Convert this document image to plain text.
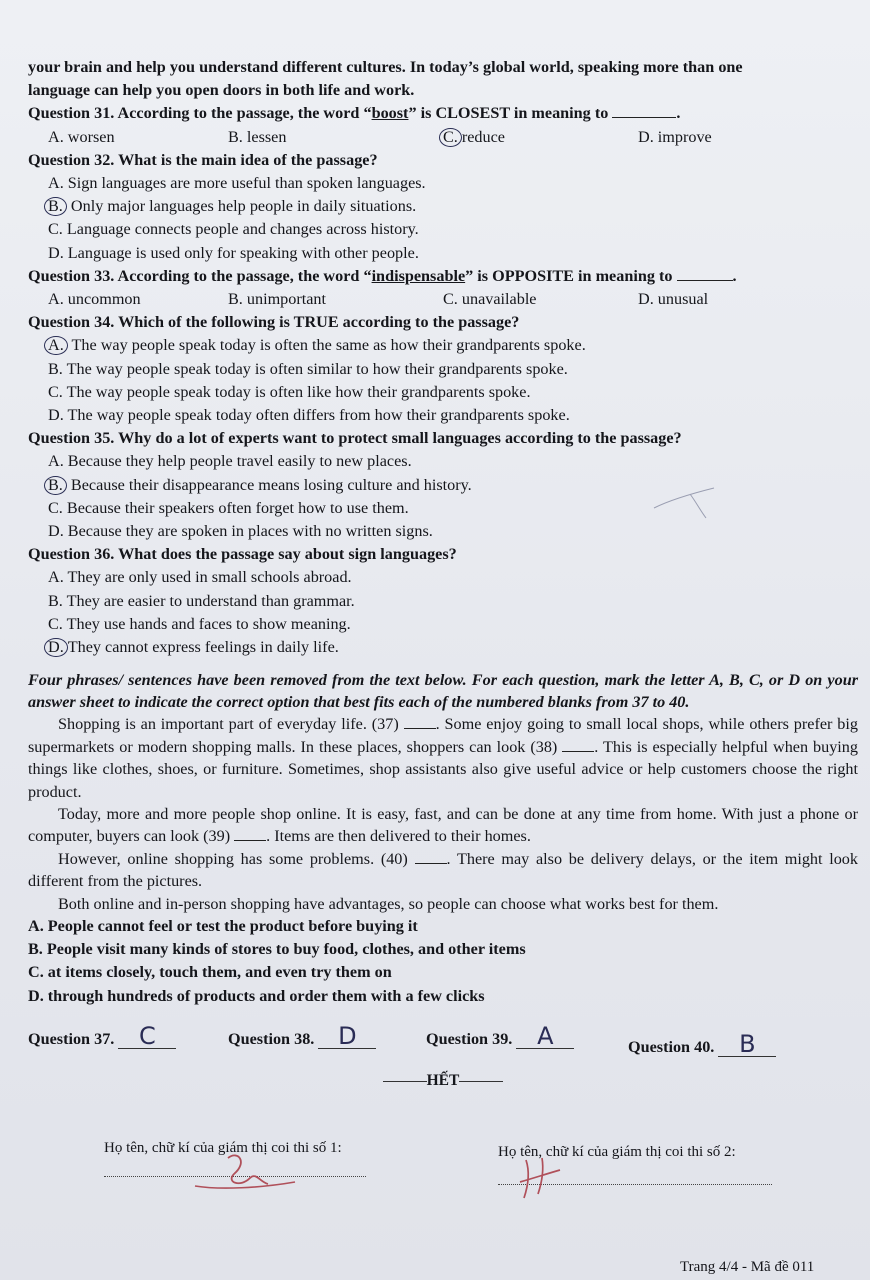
your brain and help you understand different cultures. In today’s global world, speaking more than one
language can help you open doors in both life and work.
Question 31. According to the passage, the word “boost” is CLOSEST in meaning to	.
A. worsen	B. lessen	C. reduce	D. improve
Question 32. What is the main idea of the passage?
A. Sign languages are more useful than spoken languages.
B. Only major languages help people in daily situations.
C. Language connects people and changes across history.
D. Language is used only for speaking with other people.
Question 33. According to the passage, the word “indispensable” is OPPOSITE in meaning to	.
A. uncommon	B. unimportant	C. unavailable	D. unusual
Question 34. Which of the following is TRUE according to the passage?
A. The way people speak today is often the same as how their grandparents spoke.
B. The way people speak today is often similar to how their grandparents spoke.
C. The way people speak today is often like how their grandparents spoke.
D. The way people speak today often differs from how their grandparents spoke.
Question 35. Why do a lot of experts want to protect small languages according to the passage?
A. Because they help people travel easily to new places.
B. Because their disappearance means losing culture and history.
C. Because their speakers often forget how to use them.
D. Because they are spoken in places with no written signs.
Question 36. What does the passage say about sign languages?
A. They are only used in small schools abroad.
B. They are easier to understand than grammar.
C. They use hands and faces to show meaning.
D. They cannot express feelings in daily life.
Four phrases/ sentences have been removed from the text below. For each question, mark the letter A, B, C, or D on your answer sheet to indicate the correct option that best fits each of the numbered blanks from 37 to 40.

Shopping is an important part of everyday life. (37) . Some enjoy going to small local shops, while others prefer big supermarkets or modern shopping malls. In these places, shoppers can look (38) . This is especially helpful when buying things like clothes, shoes, or furniture. Sometimes, shop assistants also give useful advice or help customers choose the right product.

Today, more and more people shop online. It is easy, fast, and can be done at any time from home. With just a phone or computer, buyers can look (39) . Items are then delivered to their homes.

However, online shopping has some problems. (40) . There may also be delivery delays, or the item might look different from the pictures.

Both online and in-person shopping have advantages, so people can choose what works best for them.

A. People cannot feel or test the product before buying it
B. People visit many kinds of stores to buy food, clothes, and other items
C. at items closely, touch them, and even try them on
D. through hundreds of products and order them with a few clicks
Question 37. C	Question 38. D	Question 39. A	Question 40. B
HẾT
Họ tên, chữ kí của giám thị coi thi số 1:	Họ tên, chữ kí của giám thị coi thi số 2:
Trang 4/4 - Mã đề 011
